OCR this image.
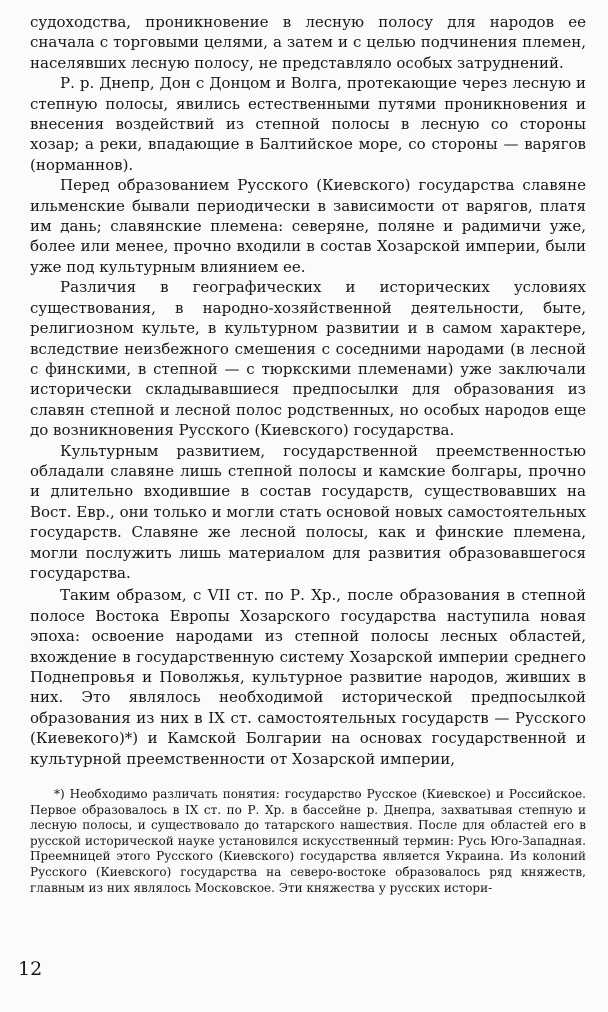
судоходства, проникновение в лесную полосу для народов ее сначала с торговыми целями, а затем и с целью подчинения племен, населявших лесную полосу, не представляло особых затруднений.

Р. р. Днепр, Дон с Донцом и Волга, протекающие через лесную и степную полосы, явились естественными путями проникновения и внесения воздействий из степной полосы в лесную со стороны хозар; а реки, впадающие в Балтийское море, со стороны — варягов (норманнов).

Перед образованием Русского (Киевского) государства славяне ильменские бывали периодически в зависимости от варягов, платя им дань; славянские племена: северяне, поляне и радимичи уже, более или менее, прочно входили в состав Хозарской империи, были уже под культурным влиянием ее.

Различия в географических и исторических условиях существования, в народно-хозяйственной деятельности, быте, религиозном культе, в культурном развитии и в самом характере, вследствие неизбежного смешения с соседними народами (в лесной с финскими, в степной — с тюркскими племенами) уже заключали исторически складывавшиеся предпосылки для образования из славян степной и лесной полос родственных, но особых народов еще до возникновения Русского (Киевского) государства.

Культурным развитием, государственной преемственностью обладали славяне лишь степной полосы и камские болгары, прочно и длительно входившие в состав государств, существовавших на Вост. Евр., они только и могли стать основой новых самостоятельных государств. Славяне же лесной полосы, как и финские племена, могли послужить лишь материалом для развития образовавшегося государства.

Таким образом, с VII ст. по Р. Хр., после образования в степной полосе Востока Европы Хозарского государства наступила новая эпоха: освоение народами из степной полосы лесных областей, вхождение в государственную систему Хозарской империи среднего Поднепровья и Поволжья, культурное развитие народов, живших в них. Это являлось необходимой исторической предпосылкой образования из них в IX ст. самостоятельных государств — Русского (Киевекого)*) и Камской Болгарии на основах государственной и культурной преемственности от Хозарской империи,

*) Необходимо различать понятия: государство Русское (Киевское) и Российское. Первое образовалось в IX ст. по Р. Хр. в бассейне р. Днепра, захватывая степную и лесную полосы, и существовало до татарского нашествия. После для областей его в русской исторической науке установился искусственный термин: Русь Юго-Западная. Преемницей этого Русского (Киевского) государства является Украина. Из колоний Русского (Киевского) государства на северо-востоке образовалось ряд княжеств, главным из них являлось Московское. Эти княжества у русских истори-

12
